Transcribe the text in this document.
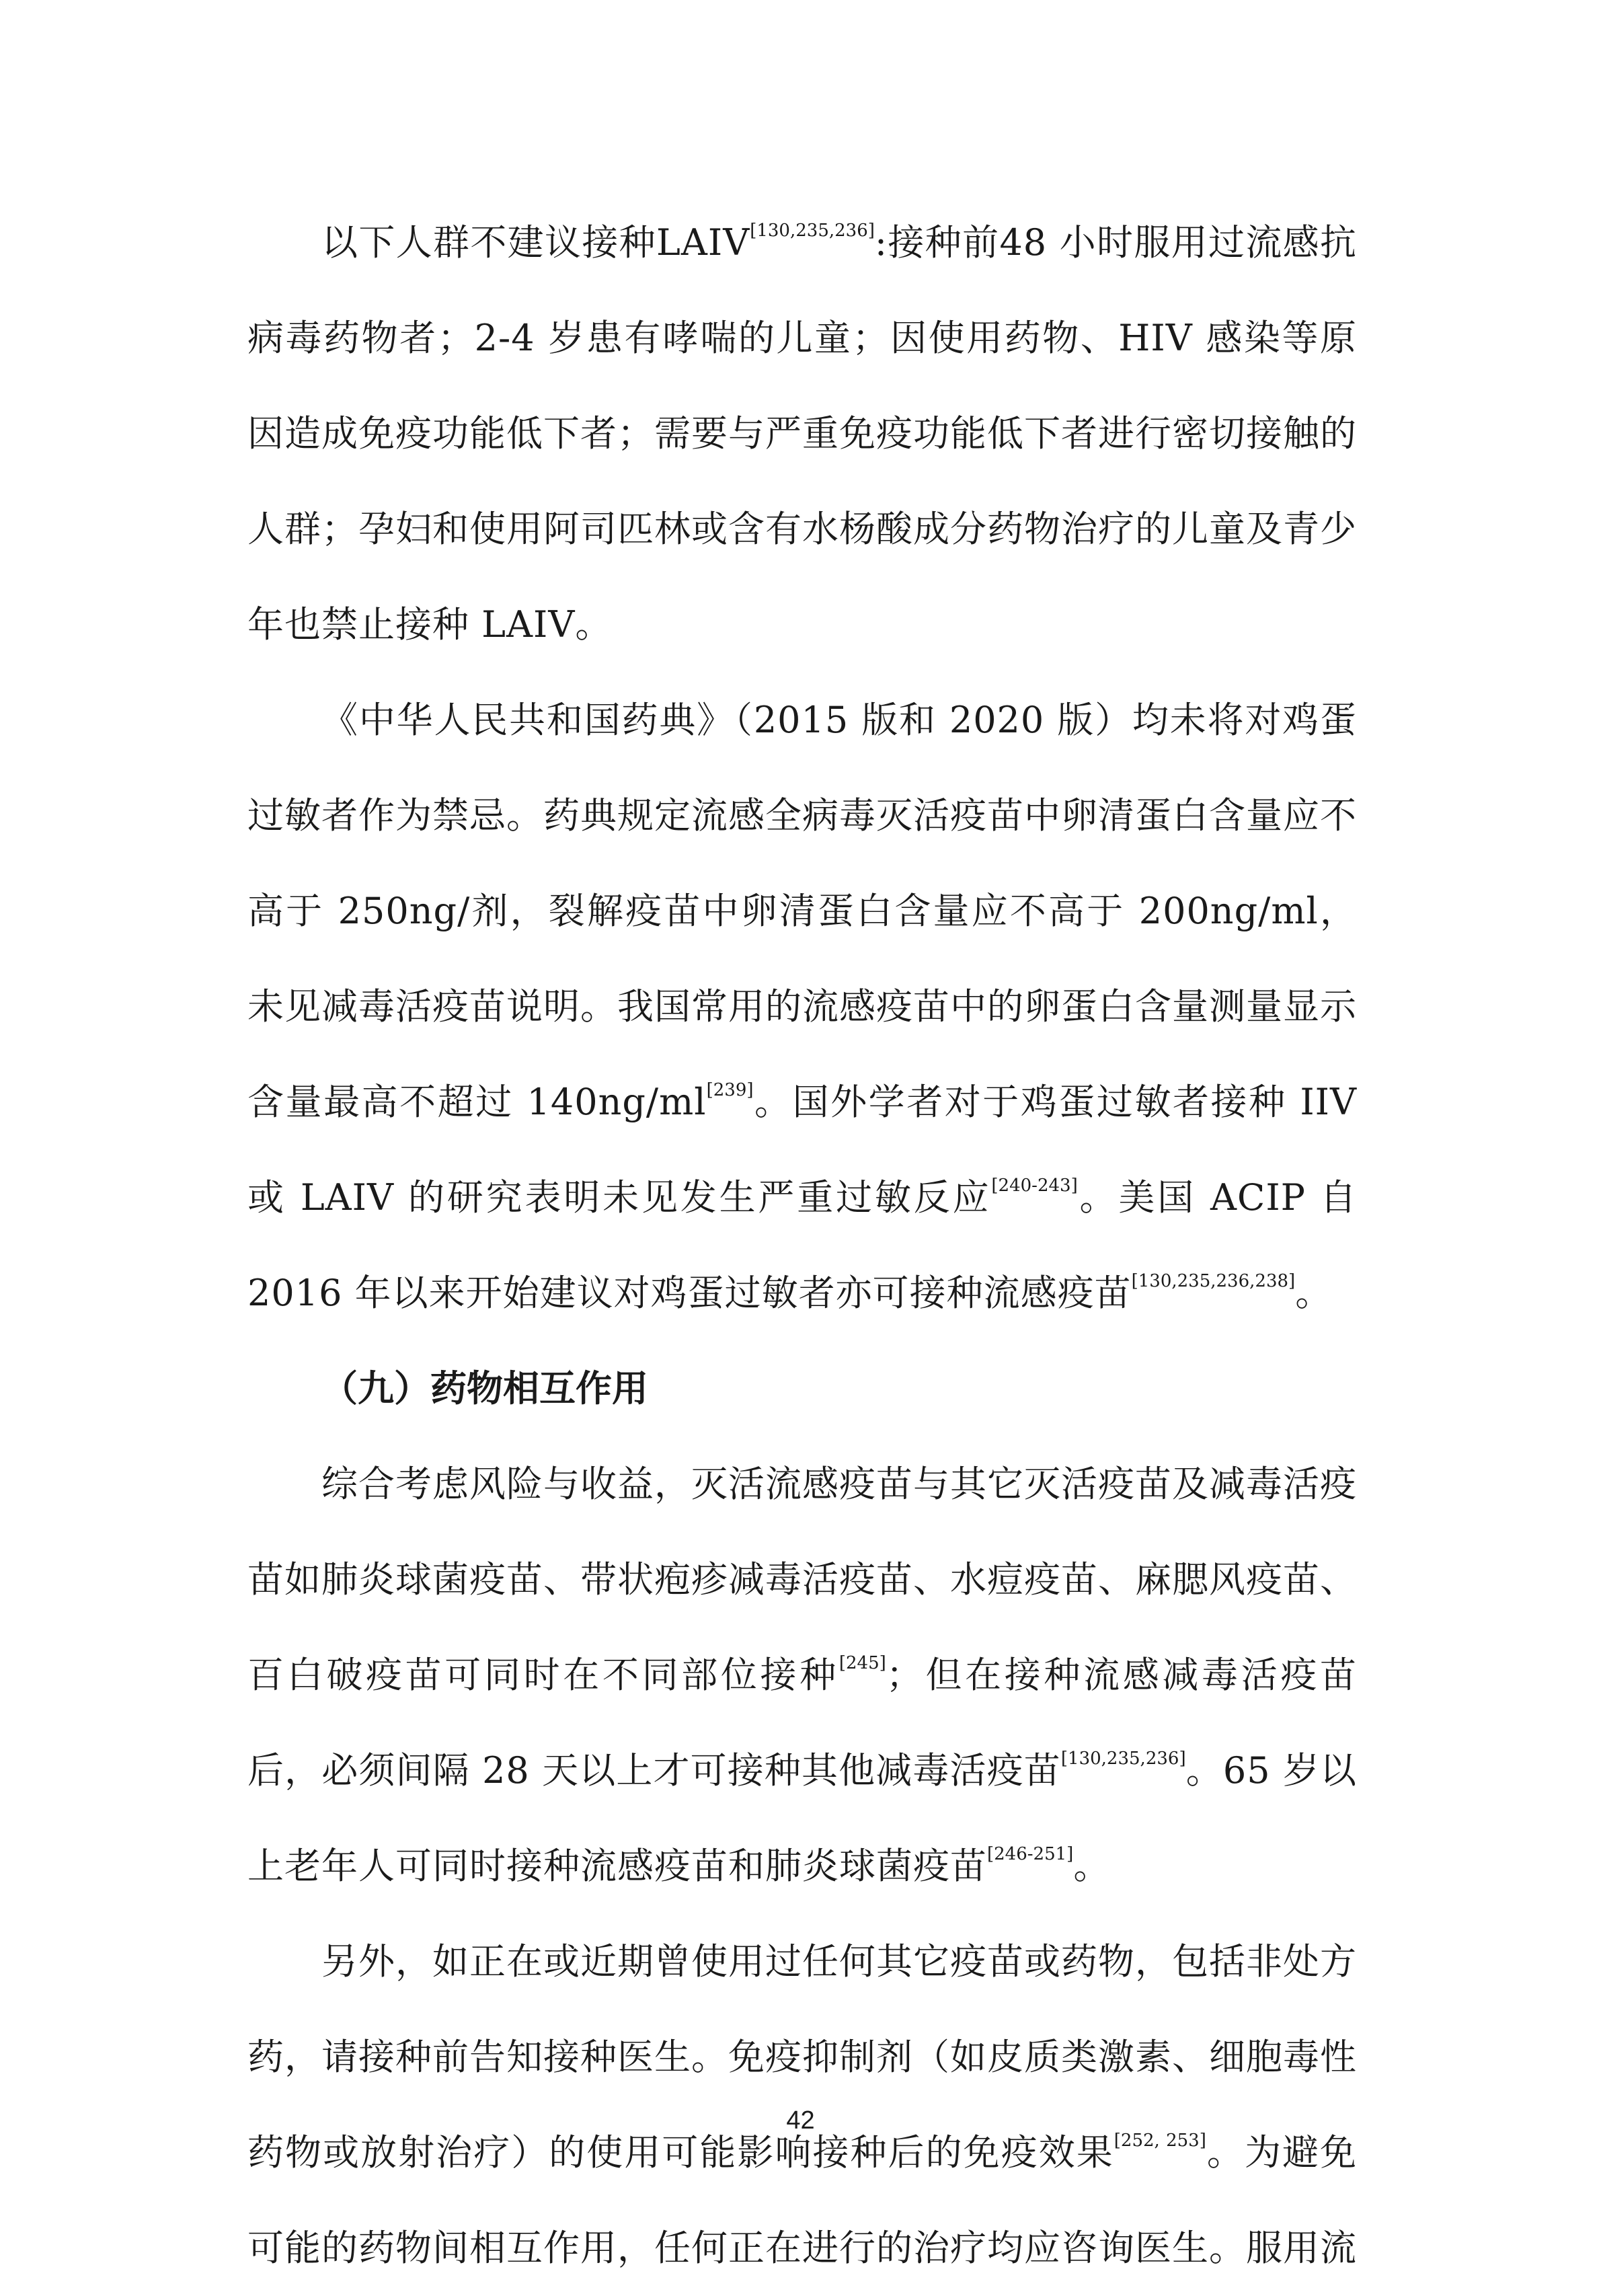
以下人群不建议接种LAIV[130,235,236]:接种前48 小时服用过流感抗病毒药物者；2-4 岁患有哮喘的儿童；因使用药物、HIV 感染等原因造成免疫功能低下者；需要与严重免疫功能低下者进行密切接触的人群；孕妇和使用阿司匹林或含有水杨酸成分药物治疗的儿童及青少年也禁止接种 LAIV。

《中华人民共和国药典》（2015 版和 2020 版）均未将对鸡蛋过敏者作为禁忌。药典规定流感全病毒灭活疫苗中卵清蛋白含量应不高于 250ng/剂，裂解疫苗中卵清蛋白含量应不高于 200ng/ml，未见减毒活疫苗说明。我国常用的流感疫苗中的卵蛋白含量测量显示含量最高不超过 140ng/ml[239]。国外学者对于鸡蛋过敏者接种 IIV 或 LAIV 的研究表明未见发生严重过敏反应[240-243]。美国 ACIP 自 2016 年以来开始建议对鸡蛋过敏者亦可接种流感疫苗[130,235,236,238]。

（九）药物相互作用

综合考虑风险与收益，灭活流感疫苗与其它灭活疫苗及减毒活疫苗如肺炎球菌疫苗、带状疱疹减毒活疫苗、水痘疫苗、麻腮风疫苗、百白破疫苗可同时在不同部位接种[245]；但在接种流感减毒活疫苗后，必须间隔 28 天以上才可接种其他减毒活疫苗[130,235,236]。65 岁以上老年人可同时接种流感疫苗和肺炎球菌疫苗[246-251]。

另外，如正在或近期曾使用过任何其它疫苗或药物，包括非处方药，请接种前告知接种医生。免疫抑制剂（如皮质类激素、细胞毒性药物或放射治疗）的使用可能影响接种后的免疫效果[252, 253]。为避免可能的药物间相互作用，任何正在进行的治疗均应咨询医生。服用流

42
